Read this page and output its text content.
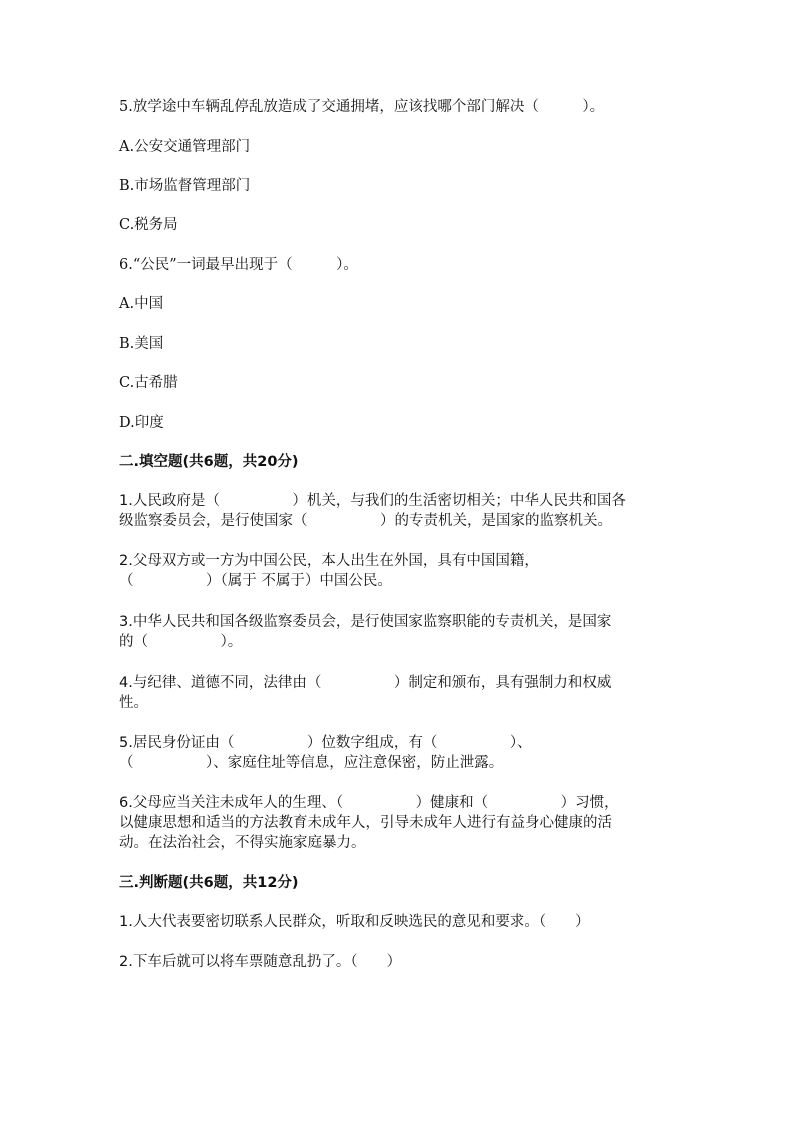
5.放学途中车辆乱停乱放造成了交通拥堵，应该找哪个部门解决（　　　）。

A.公安交通管理部门

B.市场监督管理部门

C.税务局

6.“公民”一词最早出现于（　　　）。

A.中国

B.美国

C.古希腊

D.印度

二.填空题(共6题，共20分)

1.人民政府是（　　　　　）机关，与我们的生活密切相关；中华人民共和国各

级监察委员会，是行使国家（　　　　　）的专责机关，是国家的监察机关。

2.父母双方或一方为中国公民，本人出生在外国，具有中国国籍，

（　　　　　）（属于 不属于）中国公民。

3.中华人民共和国各级监察委员会，是行使国家监察职能的专责机关，是国家

的（　　　　　）。

4.与纪律、道德不同，法律由（　　　　　）制定和颁布，具有强制力和权威

性。

5.居民身份证由（　　　　　）位数字组成，有（　　　　　）、

（　　　　　）、家庭住址等信息，应注意保密，防止泄露。

6.父母应当关注未成年人的生理、（　　　　　）健康和（　　　　　）习惯，

以健康思想和适当的方法教育未成年人，引导未成年人进行有益身心健康的活

动。在法治社会，不得实施家庭暴力。

三.判断题(共6题，共12分)

1.人大代表要密切联系人民群众，听取和反映选民的意见和要求。（　　）

2.下车后就可以将车票随意乱扔了。（　　）
